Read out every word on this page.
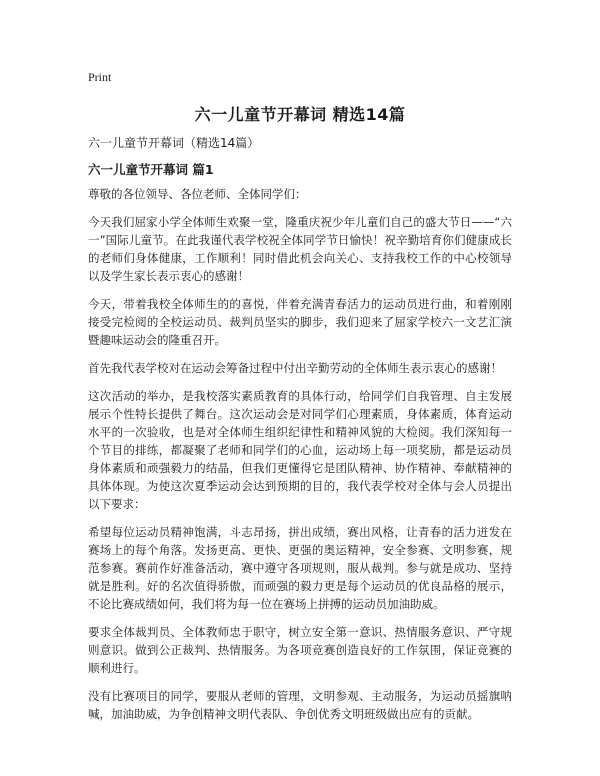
Print
六一儿童节开幕词 精选14篇

六一儿童节开幕词（精选14篇）

六一儿童节开幕词 篇1

尊敬的各位领导、各位老师、全体同学们：

今天我们屈家小学全体师生欢聚一堂，隆重庆祝少年儿童们自己的盛大节日——“六一”国际儿童节。在此我谨代表学校祝全体同学节日愉快！祝辛勤培育你们健康成长的老师们身体健康，工作顺利！同时借此机会向关心、支持我校工作的中心校领导以及学生家长表示衷心的感谢！

今天，带着我校全体师生的的喜悦，伴着充满青春活力的运动员进行曲，和着刚刚接受完检阅的全校运动员、裁判员坚实的脚步，我们迎来了屈家学校六一文艺汇演暨趣味运动会的隆重召开。

首先我代表学校对在运动会筹备过程中付出辛勤劳动的全体师生表示衷心的感谢！

这次活动的举办，是我校落实素质教育的具体行动，给同学们自我管理、自主发展展示个性特长提供了舞台。这次运动会是对同学们心理素质，身体素质，体育运动水平的一次验收，也是对全体师生组织纪律性和精神风貌的大检阅。我们深知每一个节目的排练，都凝聚了老师和同学们的心血，运动场上每一项奖励，都是运动员身体素质和顽强毅力的结晶，但我们更懂得它是团队精神、协作精神、奉献精神的具体体现。为使这次夏季运动会达到预期的目的，我代表学校对全体与会人员提出以下要求：

希望每位运动员精神饱满，斗志昂扬，拼出成绩，赛出风格，让青春的活力迸发在赛场上的每个角落。发扬更高、更快、更强的奥运精神，安全参赛、文明参赛，规范参赛。赛前作好准备活动，赛中遵守各项规则，服从裁判。参与就是成功、坚持就是胜利。好的名次值得骄傲，而顽强的毅力更是每个运动员的优良品格的展示，不论比赛成绩如何，我们将为每一位在赛场上拼搏的运动员加油助威。

要求全体裁判员、全体教师忠于职守，树立安全第一意识、热情服务意识、严守规则意识。做到公正裁判、热情服务。为各项竞赛创造良好的工作氛围，保证竞赛的顺利进行。

没有比赛项目的同学，要服从老师的管理，文明参观、主动服务，为运动员摇旗呐喊，加油助威，为争创精神文明代表队、争创优秀文明班级做出应有的贡献。
